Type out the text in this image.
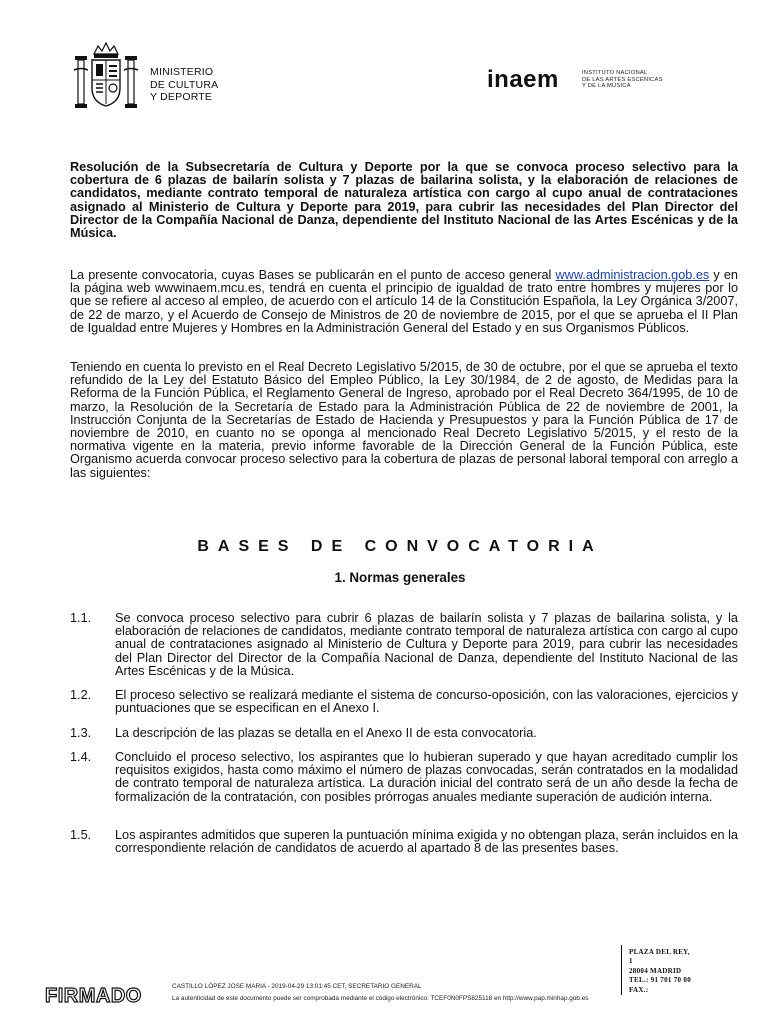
MINISTERIO
DE CULTURA
Y DEPORTE
inaem	INSTITUTO NACIONAL
DE LAS ARTES ESCÉNICAS
Y DE LA MÚSICA
Resolución de la Subsecretaría de Cultura y Deporte por la que se convoca proceso selectivo para la cobertura de 6 plazas de bailarín solista y 7 plazas de bailarina solista, y la elaboración de relaciones de candidatos, mediante contrato temporal de naturaleza artística con cargo al cupo anual de contrataciones asignado al Ministerio de Cultura y Deporte para 2019, para cubrir las necesidades del Plan Director del Director de la Compañía Nacional de Danza, dependiente del Instituto Nacional de las Artes Escénicas y de la Música.
La presente convocatoria, cuyas Bases se publicarán en el punto de acceso general www.administracion.gob.es y en la página web wwwinaem.mcu.es, tendrá en cuenta el principio de igualdad de trato entre hombres y mujeres por lo que se refiere al acceso al empleo, de acuerdo con el artículo 14 de la Constitución Española, la Ley Orgánica 3/2007, de 22 de marzo, y el Acuerdo de Consejo de Ministros de 20 de noviembre de 2015, por el que se aprueba el II Plan de Igualdad entre Mujeres y Hombres en la Administración General del Estado y en sus Organismos Públicos.
Teniendo en cuenta lo previsto en el Real Decreto Legislativo 5/2015, de 30 de octubre, por el que se aprueba el texto refundido de la Ley del Estatuto Básico del Empleo Público, la Ley 30/1984, de 2 de agosto, de Medidas para la Reforma de la Función Pública, el Reglamento General de Ingreso, aprobado por el Real Decreto 364/1995, de 10 de marzo, la Resolución de la Secretaría de Estado para la Administración Pública de 22 de noviembre de 2001, la Instrucción Conjunta de la Secretarías de Estado de Hacienda y Presupuestos y para la Función Pública de 17 de noviembre de 2010, en cuanto no se oponga al mencionado Real Decreto Legislativo 5/2015, y el resto de la normativa vigente en la materia, previo informe favorable de la Dirección General de la Función Pública, este Organismo acuerda convocar proceso selectivo para la cobertura de plazas de personal laboral temporal con arreglo a las siguientes:
BASES DE CONVOCATORIA
1. Normas generales
1.1. Se convoca proceso selectivo para cubrir 6 plazas de bailarín solista y 7 plazas de bailarina solista, y la elaboración de relaciones de candidatos, mediante contrato temporal de naturaleza artística con cargo al cupo anual de contrataciones asignado al Ministerio de Cultura y Deporte para 2019, para cubrir las necesidades del Plan Director del Director de la Compañía Nacional de Danza, dependiente del Instituto Nacional de las Artes Escénicas y de la Música.
1.2. El proceso selectivo se realizará mediante el sistema de concurso-oposición, con las valoraciones, ejercicios y puntuaciones que se especifican en el Anexo I.
1.3. La descripción de las plazas se detalla en el Anexo II de esta convocatoria.
1.4. Concluido el proceso selectivo, los aspirantes que lo hubieran superado y que hayan acreditado cumplir los requisitos exigidos, hasta como máximo el número de plazas convocadas, serán contratados en la modalidad de contrato temporal de naturaleza artística. La duración inicial del contrato será de un año desde la fecha de formalización de la contratación, con posibles prórrogas anuales mediante superación de audición interna.
1.5. Los aspirantes admitidos que superen la puntuación mínima exigida y no obtengan plaza, serán incluidos en la correspondiente relación de candidatos de acuerdo al apartado 8 de las presentes bases.
PLAZA DEL REY,
1
28004 MADRID
TEL.: 91 701 70 00
FAX.:
FIRMADO	CASTILLO LÓPEZ JOSE MARIA - 2019-04-29 13:01:45 CET, SECRETARIO GENERAL
La autenticidad de este documento puede ser comprobada mediante el código electrónico: TCEF0N0FPS825118 en http://www.pap.minhap.gob.es
